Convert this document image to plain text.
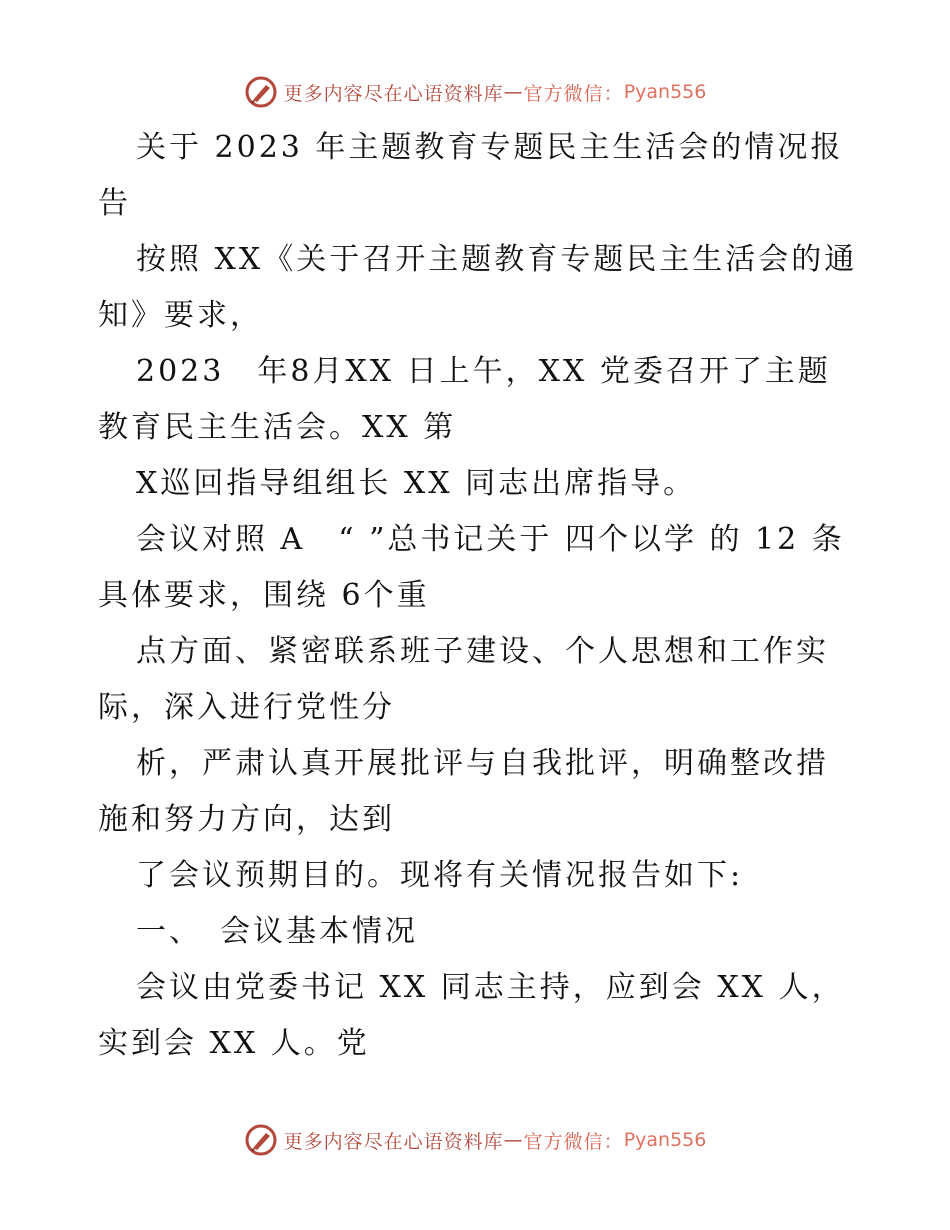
更多内容尽在心语资料库 — 官方微信： Pyan556

关于 2023 年主题教育专题民主生活会的情况报告

按照 XX《关于召开主题教育专题民主生活会的通知》要求，

2023　年8月XX 日上午，XX 党委召开了主题教育民主生活会。XX 第

X巡回指导组组长 XX 同志出席指导。

会议对照 A　“ ”总书记关于 四个以学 的 12 条具体要求，围绕 6个重

点方面、紧密联系班子建设、个人思想和工作实际，深入进行党性分

析，严肃认真开展批评与自我批评，明确整改措施和努力方向，达到

了会议预期目的。现将有关情况报告如下:

一、　会议基本情况

会议由党委书记 XX 同志主持，应到会 XX 人，实到会 XX 人。党

更多内容尽在心语资料库 — 官方微信： Pyan556
